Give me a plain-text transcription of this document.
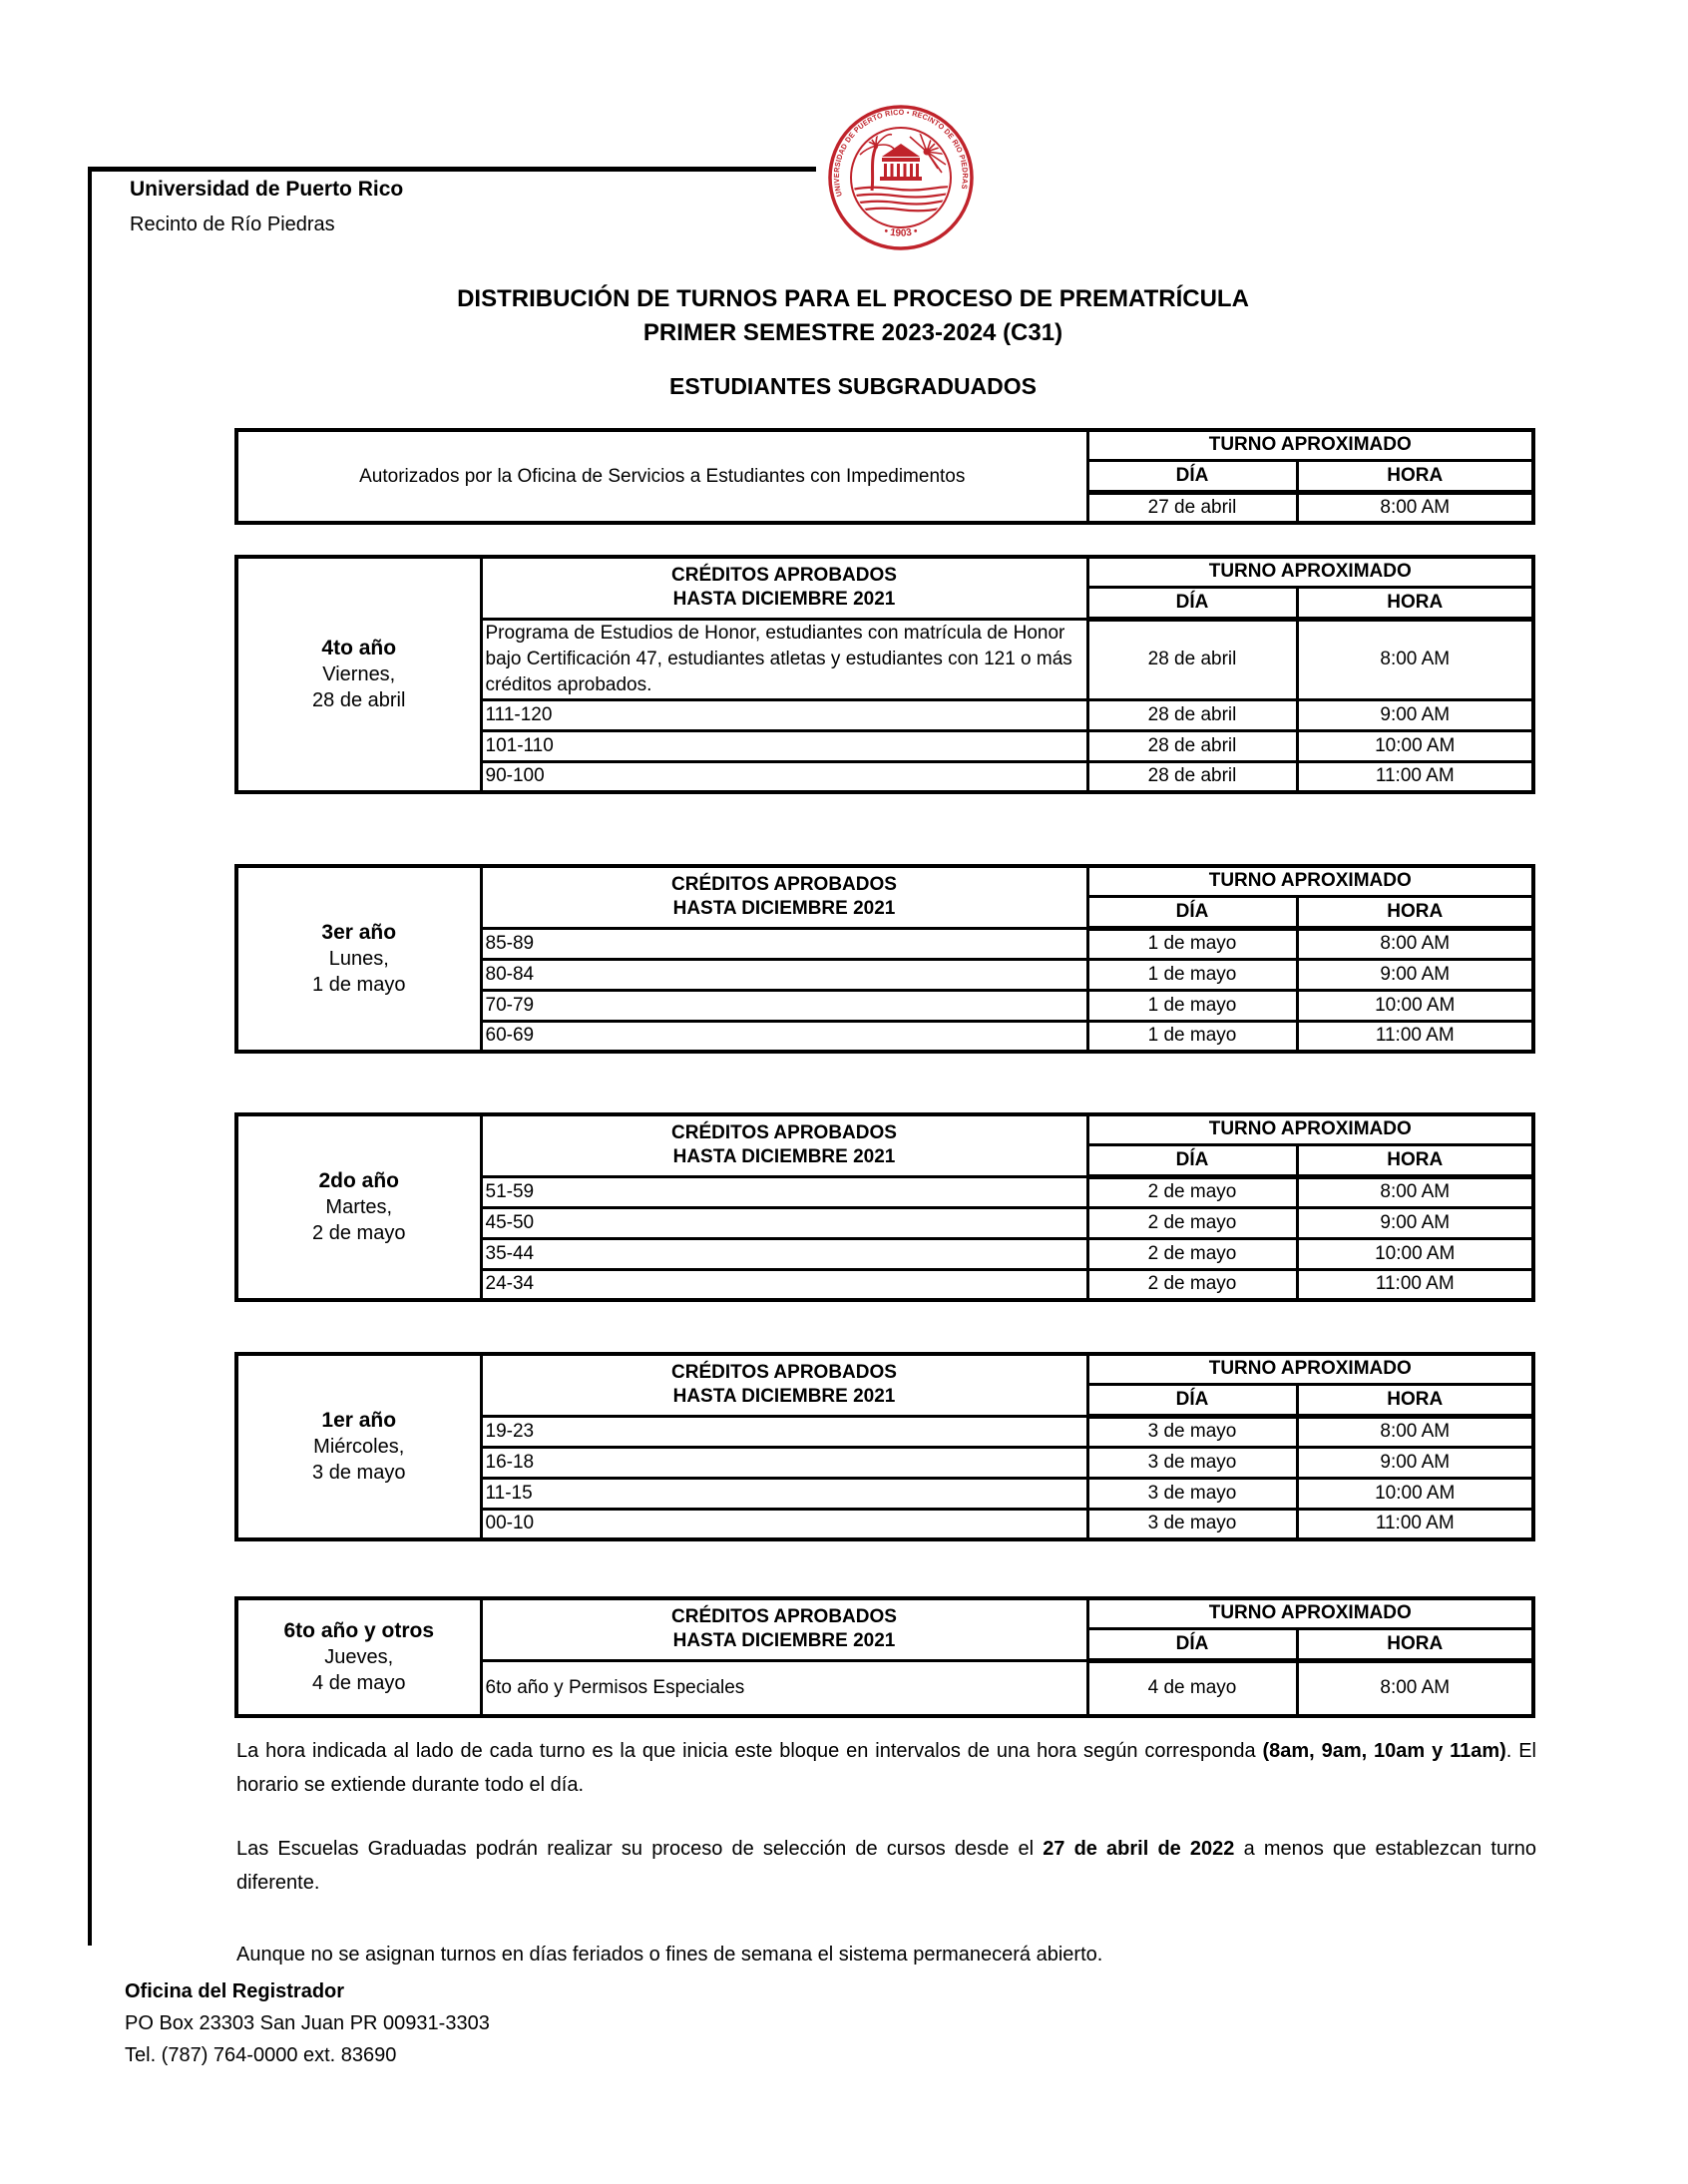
Universidad de Puerto Rico
Recinto de Río Piedras
UNIVERSIDAD DE PUERTO RICO • RECINTO DE RIO PIEDRAS
• 1903 •
DISTRIBUCIÓN DE TURNOS PARA EL PROCESO DE PREMATRÍCULA
PRIMER SEMESTRE 2023-2024 (C31)
ESTUDIANTES SUBGRADUADOS
Autorizados por la Oficina de Servicios a Estudiantes con Impedimentos	TURNO APROXIMADO	
	DÍA	HORA
	27 de abril	8:00 AM
4to año
Viernes,
28 de abril

CRÉDITOS APROBADOS
HASTA DICIEMBRE 2021
	TURNO APROXIMADO
		DÍA	HORA
	Programa de Estudios de Honor, estudiantes con matrícula de Honor bajo Certificación 47, estudiantes atletas y estudiantes con 121 o más créditos aprobados.	28 de abril	8:00 AM
	111-120	28 de abril	9:00 AM
	101-110	28 de abril	10:00 AM
	90-100	28 de abril	11:00 AM
3er año
Lunes,
1 de mayo

CRÉDITOS APROBADOS
HASTA DICIEMBRE 2021
	TURNO APROXIMADO
		DÍA	HORA
	85-89	1 de mayo	8:00 AM
	80-84	1 de mayo	9:00 AM
	70-79	1 de mayo	10:00 AM
	60-69	1 de mayo	11:00 AM
2do año
Martes,
2 de mayo

CRÉDITOS APROBADOS
HASTA DICIEMBRE 2021
	TURNO APROXIMADO
		DÍA	HORA
	51-59	2 de mayo	8:00 AM
	45-50	2 de mayo	9:00 AM
	35-44	2 de mayo	10:00 AM
	24-34	2 de mayo	11:00 AM
1er año
Miércoles,
3 de mayo

CRÉDITOS APROBADOS
HASTA DICIEMBRE 2021
	TURNO APROXIMADO
		DÍA	HORA
	19-23	3 de mayo	8:00 AM
	16-18	3 de mayo	9:00 AM
	11-15	3 de mayo	10:00 AM
	00-10	3 de mayo	11:00 AM
6to año y otros
Jueves,
4 de mayo

CRÉDITOS APROBADOS
HASTA DICIEMBRE 2021
	TURNO APROXIMADO
		DÍA	HORA
	6to año y Permisos Especiales	4 de mayo	8:00 AM

La hora indicada al lado de cada turno es la que inicia este bloque en intervalos de una hora según corresponda (8am, 9am, 10am y 11am). El horario se extiende durante todo el día.

Las Escuelas Graduadas podrán realizar su proceso de selección de cursos desde el 27 de abril de 2022 a menos que establezcan turno diferente.

Aunque no se asignan turnos en días feriados o fines de semana el sistema permanecerá abierto.

Oficina del Registrador
PO Box 23303 San Juan PR 00931-3303
Tel. (787) 764-0000 ext. 83690
